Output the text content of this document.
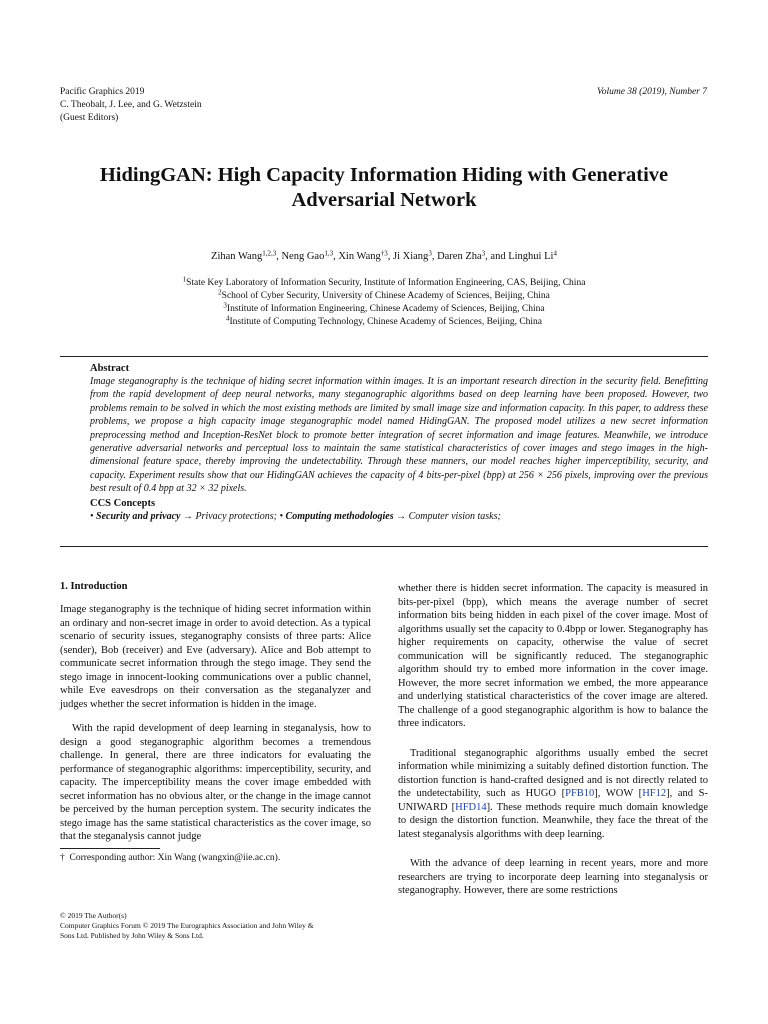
Pacific Graphics 2019
C. Theobalt, J. Lee, and G. Wetzstein
(Guest Editors)
Volume 38 (2019), Number 7
HidingGAN: High Capacity Information Hiding with Generative
Adversarial Network
Zihan Wang$^{1,2,3}$, Neng Gao$^{1,3}$, Xin Wang$^{\dagger 3}$, Ji Xiang$^3$, Daren Zha$^3$, and Linghui Li$^4$
$^1$State Key Laboratory of Information Security, Institute of Information Engineering, CAS, Beijing, China
$^2$School of Cyber Security, University of Chinese Academy of Sciences, Beijing, China
$^3$Institute of Information Engineering, Chinese Academy of Sciences, Beijing, China
$^4$Institute of Computing Technology, Chinese Academy of Sciences, Beijing, China
Abstract
Image steganography is the technique of hiding secret information within images. It is an important research direction in the security field. Benefitting from the rapid development of deep neural networks, many steganographic algorithms based on deep learning have been proposed. However, two problems remain to be solved in which the most existing methods are limited by small image size and information capacity. In this paper, to address these problems, we propose a high capacity image steganographic model named HidingGAN. The proposed model utilizes a new secret information preprocessing method and Inception-ResNet block to promote better integration of secret information and image features. Meanwhile, we introduce generative adversarial networks and perceptual loss to maintain the same statistical characteristics of cover images and stego images in the high-dimensional feature space, thereby improving the undetectability. Through these manners, our model reaches higher imperceptibility, security, and capacity. Experiment results show that our HidingGAN achieves the capacity of 4 bits-per-pixel (bpp) at 256 × 256 pixels, improving over the previous best result of 0.4 bpp at 32 × 32 pixels.
CCS Concepts
• Security and privacy → Privacy protections; • Computing methodologies → Computer vision tasks;

1. Introduction

Image steganography is the technique of hiding secret information within an ordinary and non-secret image in order to avoid detection. As a typical scenario of security issues, steganography consists of three parts: Alice (sender), Bob (receiver) and Eve (adversary). Alice and Bob attempt to communicate secret information through the stego image. They send the stego image in innocent-looking communications over a public channel, while Eve eavesdrops on their conversation as the steganalyzer and judges whether the secret information is hidden in the image.

With the rapid development of deep learning in steganalysis, how to design a good steganographic algorithm becomes a tremendous challenge. In general, there are three indicators for evaluating the performance of steganographic algorithms: imperceptibility, security, and capacity. The imperceptibility means the cover image embedded with secret information has no obvious alter, or the change in the image cannot be perceived by the human perception system. The security indicates the stego image has the same statistical characteristics as the cover image, so that the steganalysis cannot judge

whether there is hidden secret information. The capacity is measured in bits-per-pixel (bpp), which means the average number of secret information bits being hidden in each pixel of the cover image. Most of algorithms usually set the capacity to 0.4bpp or lower. Steganography has higher requirements on capacity, otherwise the value of secret communication will be significantly reduced. The steganographic algorithm should try to embed more information in the cover image. However, the more secret information we embed, the more appearance and underlying statistical characteristics of the cover image are altered. The challenge of a good steganographic algorithm is how to balance the three indicators.

Traditional steganographic algorithms usually embed the secret information while minimizing a suitably defined distortion function. The distortion function is hand-crafted designed and is not directly related to the undetectability, such as HUGO [PFB10], WOW [HF12], and S-UNIWARD [HFD14]. These methods require much domain knowledge to design the distortion function. Meanwhile, they face the threat of the latest steganalysis algorithms with deep learning.

With the advance of deep learning in recent years, more and more researchers are trying to incorporate deep learning into steganalysis or steganography. However, there are some restrictions

† Corresponding author: Xin Wang (wangxin@iie.ac.cn).
© 2019 The Author(s)
Computer Graphics Forum © 2019 The Eurographics Association and John Wiley & Sons Ltd. Published by John Wiley & Sons Ltd.
